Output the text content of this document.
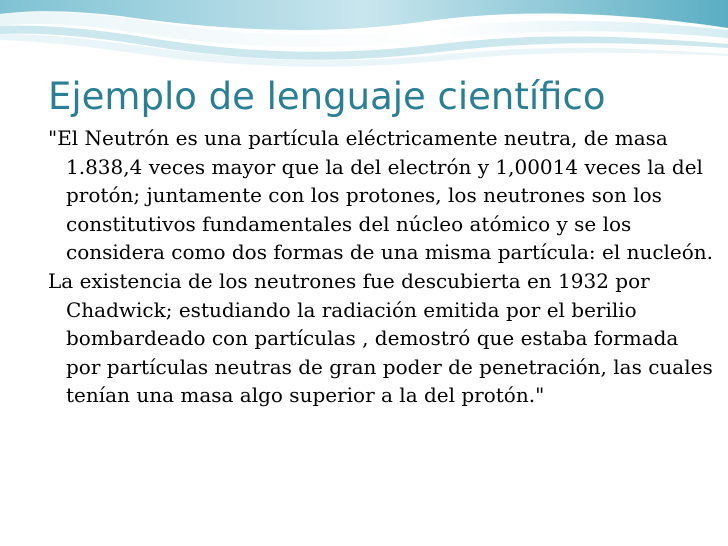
Ejemplo de lenguaje científico

"El Neutrón es una partícula eléctricamente neutra, de masa 1.838,4 veces mayor que la del electrón y 1,00014 veces la del protón; juntamente con los protones, los neutrones son los constitutivos fundamentales del núcleo atómico y se los considera como dos formas de una misma partícula: el nucleón.

La existencia de los neutrones fue descubierta en 1932 por Chadwick; estudiando la radiación emitida por el berilio bombardeado con partículas , demostró que estaba formada por partículas neutras de gran poder de penetración, las cuales tenían una masa algo superior a la del protón."
